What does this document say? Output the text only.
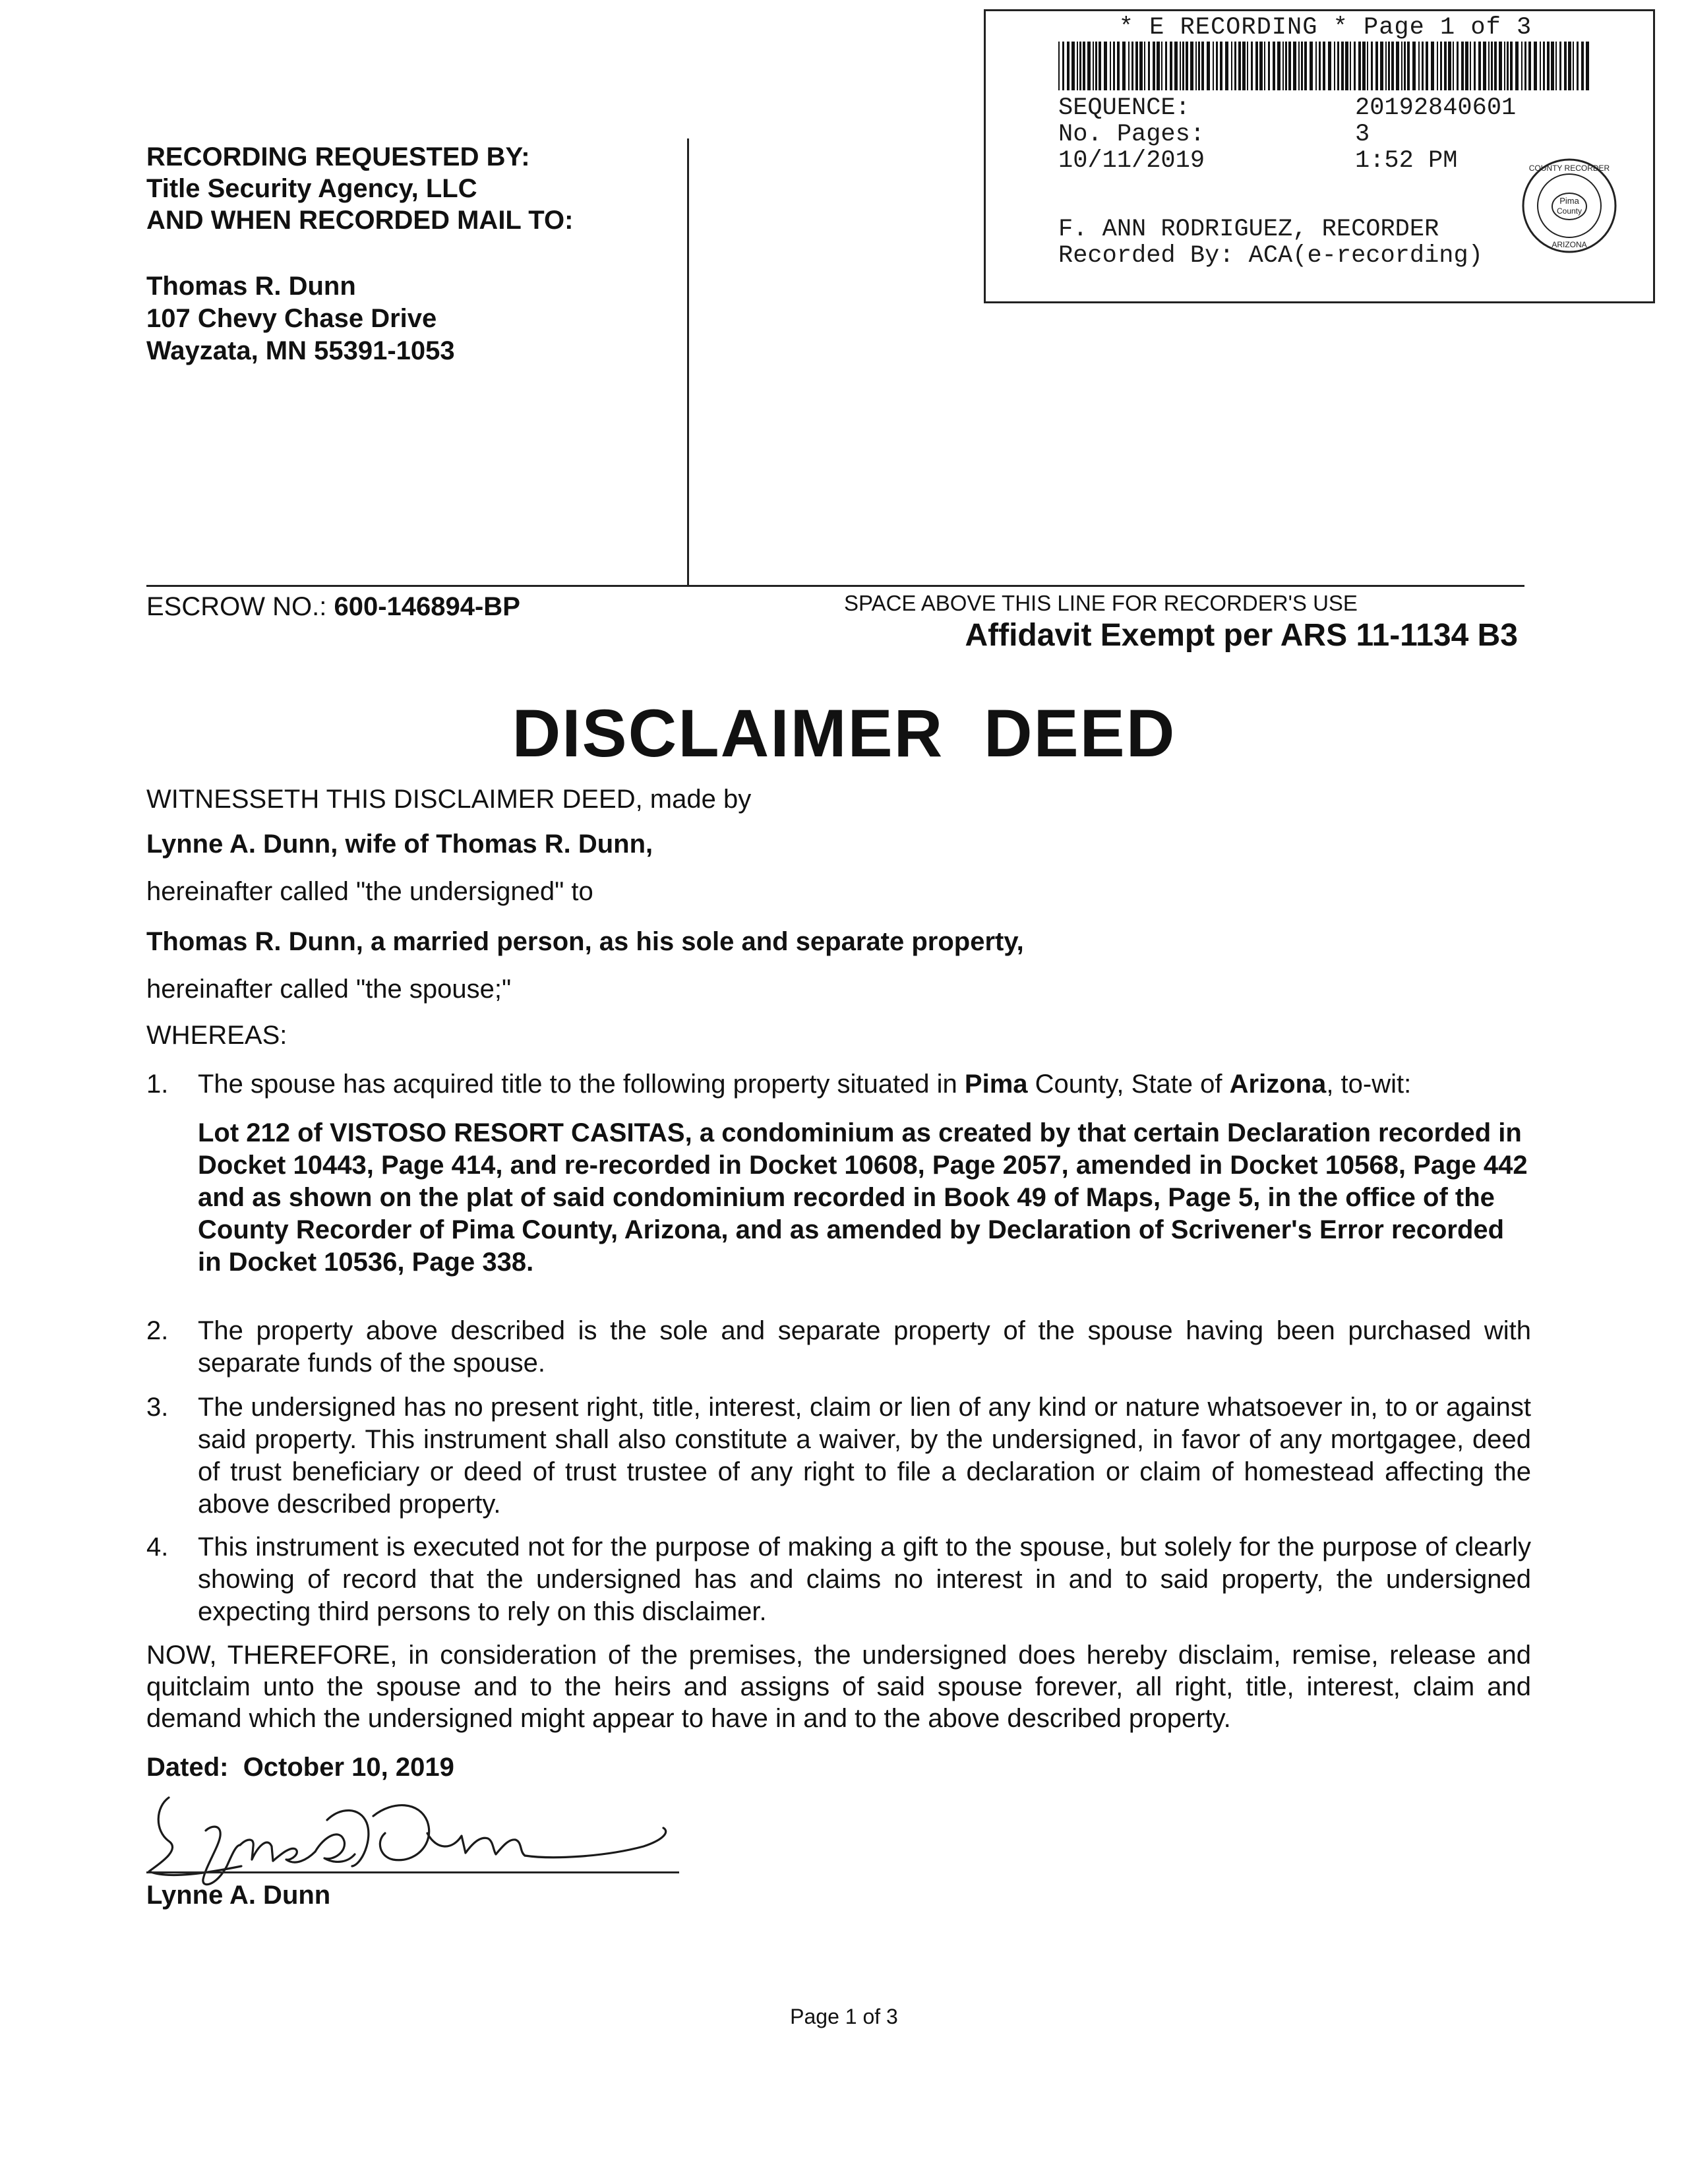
* E RECORDING * Page 1 of 3
SEQUENCE:	20192840601
No. Pages:	3
10/11/2019	1:52 PM
F. ANN RODRIGUEZ, RECORDER
Recorded By: ACA(e-recording)
Pima
County
COUNTY RECORDER
ARIZONA
RECORDING REQUESTED BY:
Title Security Agency, LLC
AND WHEN RECORDED MAIL TO:
Thomas R. Dunn
107 Chevy Chase Drive
Wayzata, MN 55391-1053
ESCROW NO.: 600-146894-BP	SPACE ABOVE THIS LINE FOR RECORDER'S USE
Affidavit Exempt per ARS 11-1134 B3
DISCLAIMER  DEED
WITNESSETH THIS DISCLAIMER DEED, made by
Lynne A. Dunn, wife of Thomas R. Dunn,
hereinafter called "the undersigned" to
Thomas R. Dunn, a married person, as his sole and separate property,
hereinafter called "the spouse;"
WHEREAS:
1. The spouse has acquired title to the following property situated in Pima County, State of Arizona, to-wit:
Lot 212 of VISTOSO RESORT CASITAS, a condominium as created by that certain Declaration recorded in Docket 10443, Page 414, and re-recorded in Docket 10608, Page 2057, amended in Docket 10568, Page 442 and as shown on the plat of said condominium recorded in Book 49 of Maps, Page 5, in the office of the County Recorder of Pima County, Arizona, and as amended by Declaration of Scrivener's Error recorded in Docket 10536, Page 338.
2. The property above described is the sole and separate property of the spouse having been purchased with separate funds of the spouse.
3. The undersigned has no present right, title, interest, claim or lien of any kind or nature whatsoever in, to or against said property. This instrument shall also constitute a waiver, by the undersigned, in favor of any mortgagee, deed of trust beneficiary or deed of trust trustee of any right to file a declaration or claim of homestead affecting the above described property.
4. This instrument is executed not for the purpose of making a gift to the spouse, but solely for the purpose of clearly showing of record that the undersigned has and claims no interest in and to said property, the undersigned expecting third persons to rely on this disclaimer.
NOW, THEREFORE, in consideration of the premises, the undersigned does hereby disclaim, remise, release and quitclaim unto the spouse and to the heirs and assigns of said spouse forever, all right, title, interest, claim and demand which the undersigned might appear to have in and to the above described property.
Dated: October 10, 2019
Lynne A. Dunn
Page 1 of 3
